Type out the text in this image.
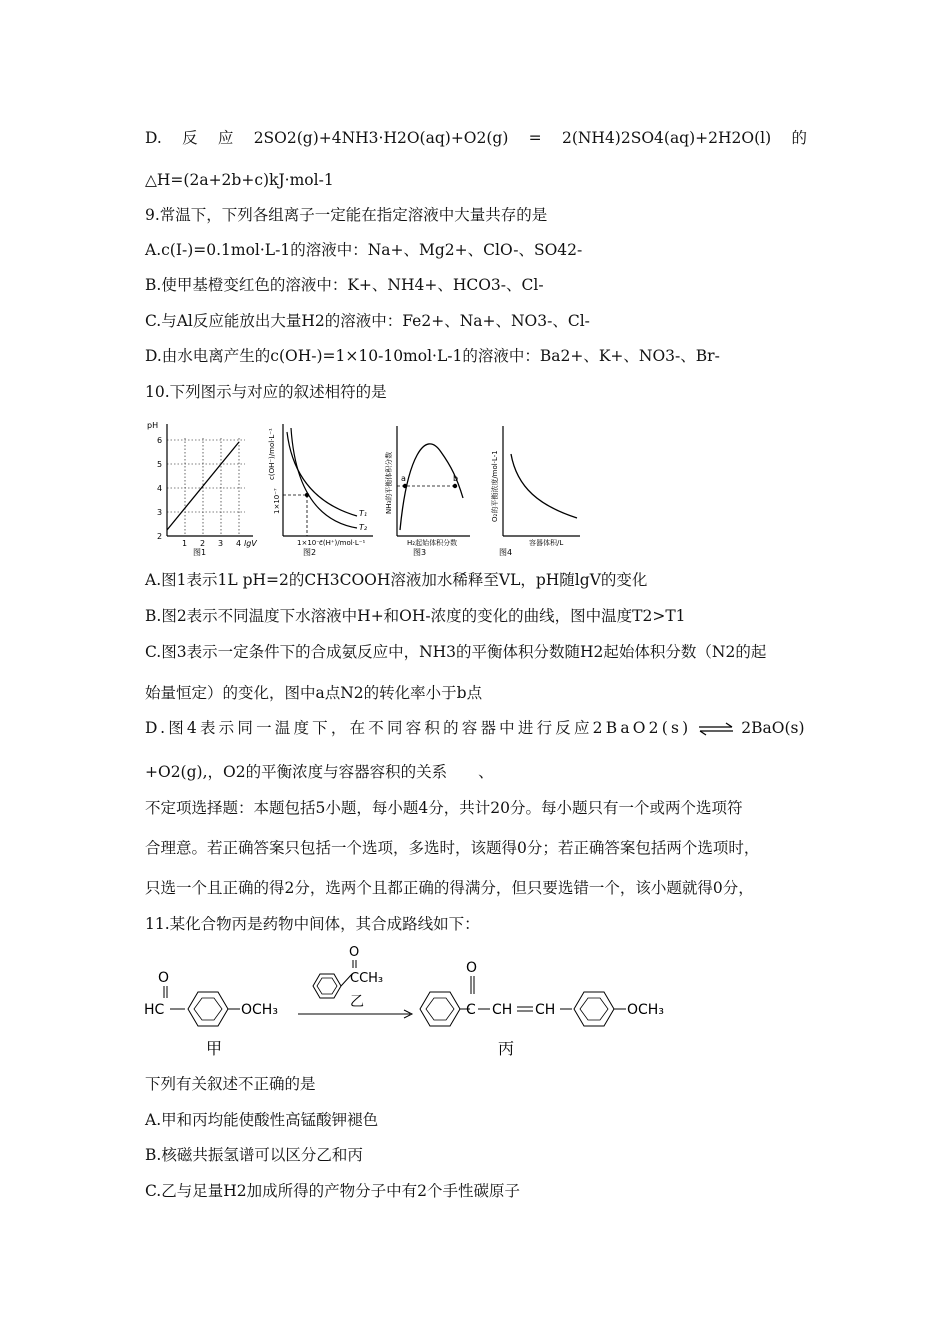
D. 反 应 2SO2(g)+4NH3·H2O(aq)+O2(g) = 2(NH4)2SO4(aq)+2H2O(l) 的
△H=(2a+2b+c)kJ·mol-1
9.常温下，下列各组离子一定能在指定溶液中大量共存的是
A.c(I-)=0.1mol·L-1的溶液中：Na+、Mg2+、ClO-、SO42-
B.使甲基橙变红色的溶液中：K+、NH4+、HCO3-、Cl-
C.与Al反应能放出大量H2的溶液中：Fe2+、Na+、NO3-、Cl-
D.由水电离产生的c(OH-)=1×10-10mol·L-1的溶液中：Ba2+、K+、NO3-、Br-
10.下列图示与对应的叙述相符的是
pH
2
3
4
5
6
1 2 3 4 lgV
图1
c(OH⁻)/mol·L⁻¹
1×10⁻⁷
1×10⁻⁷
c(H⁺)/mol·L⁻¹
T₁
T₂
图2
a	b
NH₃的平衡体积分数
H₂起始体积分数
图3
O₂的平衡浓度/mol·L-1
容器体积/L
图4
A.图1表示1L pH=2的CH3COOH溶液加水稀释至VL，pH随lgV的变化
B.图2表示不同温度下水溶液中H+和OH-浓度的变化的曲线，图中温度T2>T1
C.图3表示一定条件下的合成氨反应中，NH3的平衡体积分数随H2起始体积分数（N2的起
始量恒定）的变化，图中a点N2的转化率小于b点
D.图4表示同一温度下，在不同容积的容器中进行反应2BaO2(s) ⇌ 2BaO(s)
+O2(g),，O2的平衡浓度与容器容积的关系　　、
不定项选择题：本题包括5小题，每小题4分，共计20分。每小题只有一个或两个选项符
合理意。若正确答案只包括一个选项，多选时，该题得0分；若正确答案包括两个选项时，
只选一个且正确的得2分，选两个且都正确的得满分，但只要选错一个，该小题就得0分，
11.某化合物丙是药物中间体，其合成路线如下：
O
HC	OCH₃
甲
O
CCH₃
乙
O
C CH CH	OCH₃
丙
下列有关叙述不正确的是
A.甲和丙均能使酸性高锰酸钾褪色
B.核磁共振氢谱可以区分乙和丙
C.乙与足量H2加成所得的产物分子中有2个手性碳原子
